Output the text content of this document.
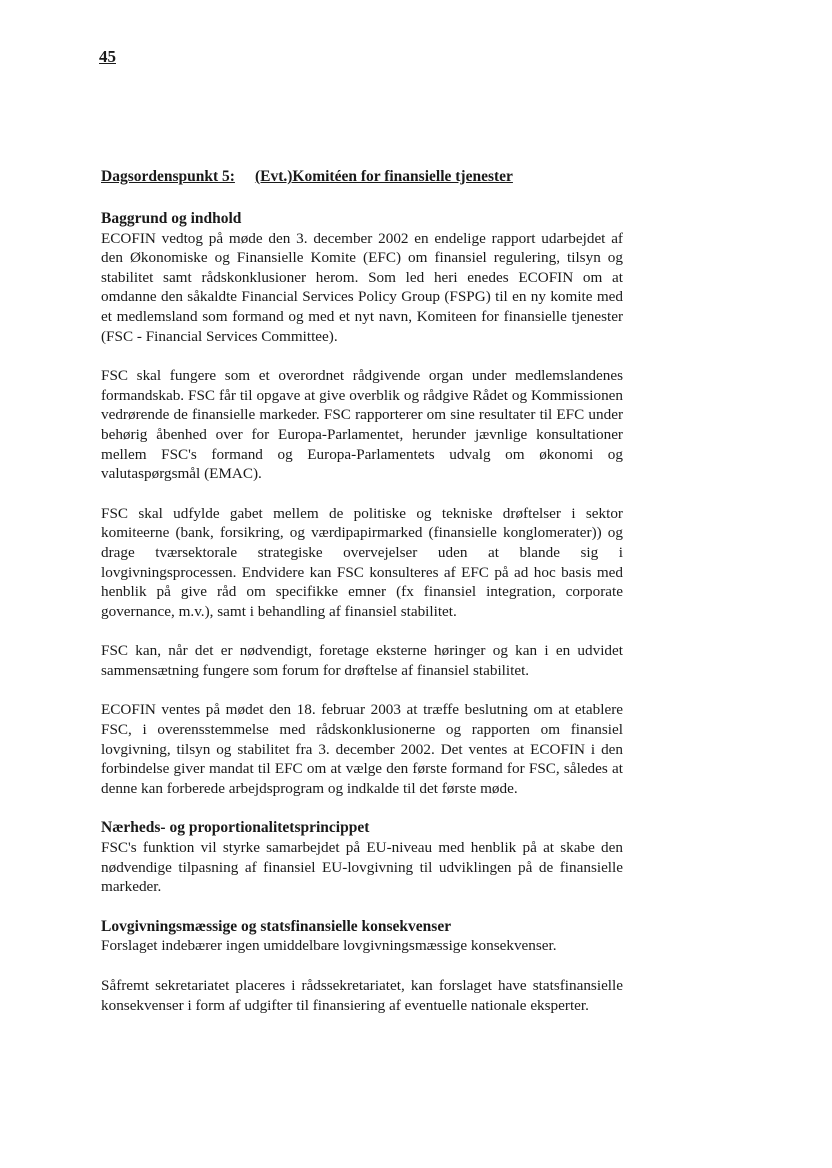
45

Dagsordenspunkt 5: (Evt.)Komitéen for finansielle tjenester

Baggrund og indhold

ECOFIN vedtog på møde den 3. december 2002 en endelige rapport udarbejdet af den Økonomiske og Finansielle Komite (EFC) om finansiel regulering, tilsyn og stabilitet samt rådskonklusioner herom. Som led heri enedes ECOFIN om at omdanne den såkaldte Financial Services Policy Group (FSPG) til en ny komite med et medlemsland som formand og med et nyt navn, Komiteen for finansielle tjenester (FSC - Financial Services Committee).

FSC skal fungere som et overordnet rådgivende organ under medlemslandenes formandskab. FSC får til opgave at give overblik og rådgive Rådet og Kommissionen vedrørende de finansielle markeder. FSC rapporterer om sine resultater til EFC under behørig åbenhed over for Europa-Parlamentet, herunder jævnlige konsultationer mellem FSC's formand og Europa-Parlamentets udvalg om økonomi og valutaspørgsmål (EMAC).

FSC skal udfylde gabet mellem de politiske og tekniske drøftelser i sektor komiteerne (bank, forsikring, og værdipapirmarked (finansielle konglomerater)) og drage tværsektorale strategiske overvejelser uden at blande sig i lovgivningsprocessen. Endvidere kan FSC konsulteres af EFC på ad hoc basis med henblik på give råd om specifikke emner (fx finansiel integration, corporate governance, m.v.), samt i behandling af finansiel stabilitet.

FSC kan, når det er nødvendigt, foretage eksterne høringer og kan i en udvidet sammensætning fungere som forum for drøftelse af finansiel stabilitet.

ECOFIN ventes på mødet den 18. februar 2003 at træffe beslutning om at etablere FSC, i overensstemmelse med rådskonklusionerne og rapporten om finansiel lovgivning, tilsyn og stabilitet fra 3. december 2002. Det ventes at ECOFIN i den forbindelse giver mandat til EFC om at vælge den første formand for FSC, således at denne kan forberede arbejdsprogram og indkalde til det første møde.

Nærheds- og proportionalitetsprincippet

FSC's funktion vil styrke samarbejdet på EU-niveau med henblik på at skabe den nødvendige tilpasning af finansiel EU-lovgivning til udviklingen på de finansielle markeder.

Lovgivningsmæssige og statsfinansielle konsekvenser

Forslaget indebærer ingen umiddelbare lovgivningsmæssige konsekvenser.

Såfremt sekretariatet placeres i rådssekretariatet, kan forslaget have statsfinansielle konsekvenser i form af udgifter til finansiering af eventuelle nationale eksperter.
